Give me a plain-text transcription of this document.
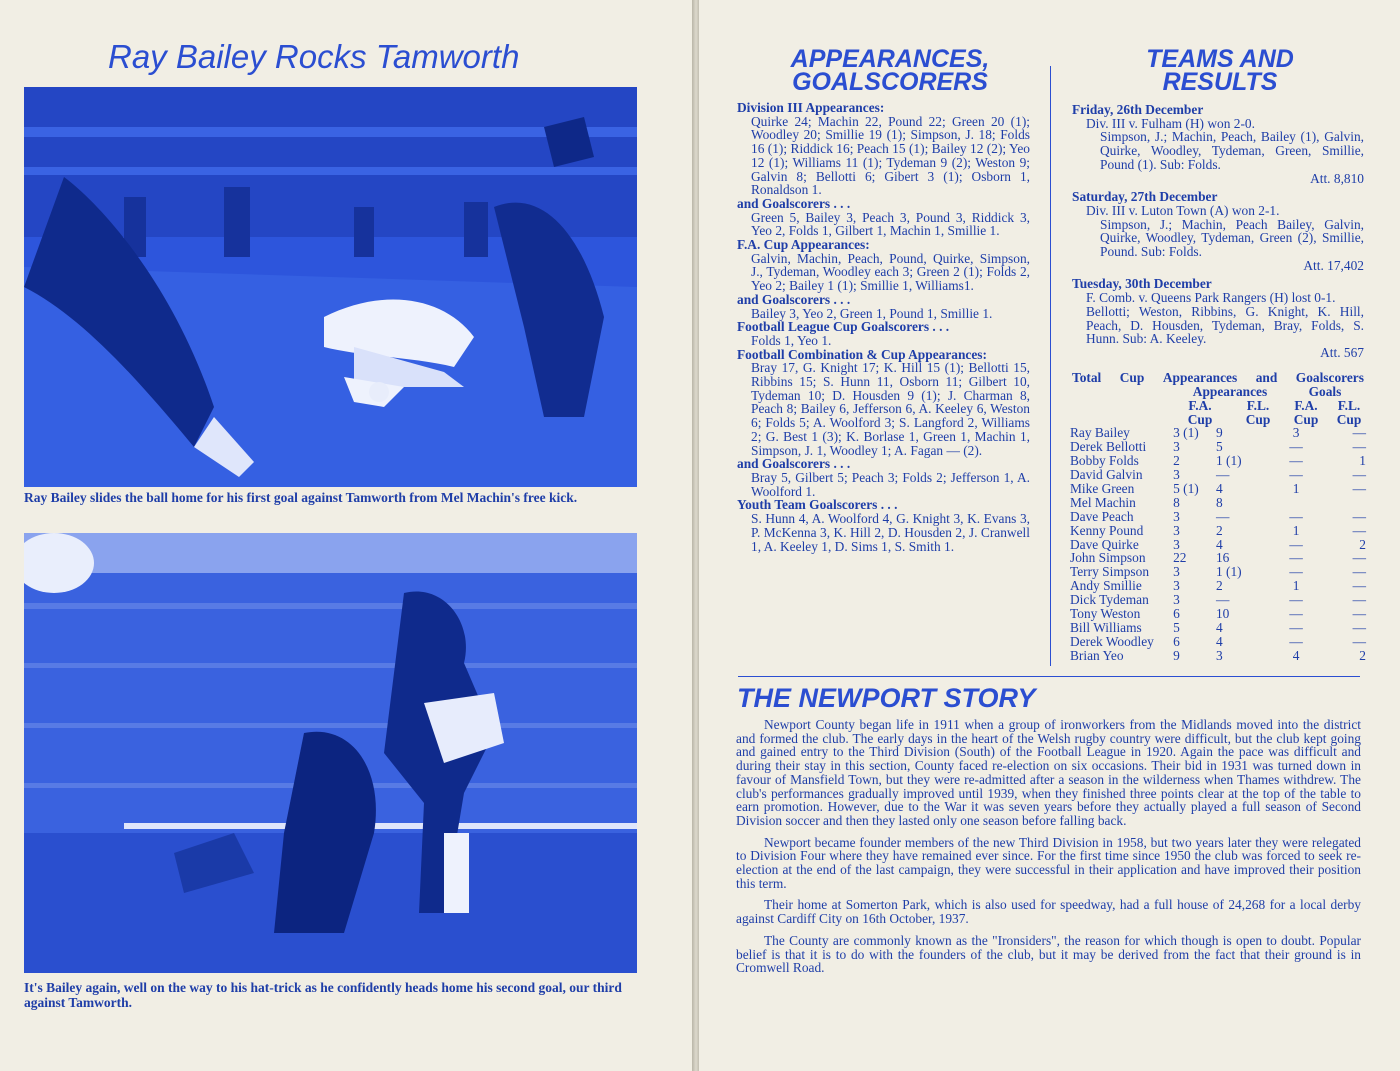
Ray Bailey Rocks Tamworth
Ray Bailey slides the ball home for his first goal against Tamworth from Mel Machin's free kick.
It's Bailey again, well on the way to his hat-trick as he confidently heads home his second goal, our third against Tamworth.
APPEARANCES,
GOALSCORERS
Division III Appearances:
Quirke 24; Machin 22, Pound 22; Green 20 (1); Woodley 20; Smillie 19 (1); Simpson, J. 18; Folds 16 (1); Riddick 16; Peach 15 (1); Bailey 12 (2); Yeo 12 (1); Williams 11 (1); Tydeman 9 (2); Weston 9; Galvin 8; Bellotti 6; Gibert 3 (1); Osborn 1, Ronaldson 1.
and Goalscorers . . .
Green 5, Bailey 3, Peach 3, Pound 3, Riddick 3, Yeo 2, Folds 1, Gilbert 1, Machin 1, Smillie 1.
F.A. Cup Appearances:
Galvin, Machin, Peach, Pound, Quirke, Simpson, J., Tydeman, Woodley each 3; Green 2 (1); Folds 2, Yeo 2; Bailey 1 (1); Smillie 1, Williams1.
and Goalscorers . . .
Bailey 3, Yeo 2, Green 1, Pound 1, Smillie 1.
Football League Cup Goalscorers . . .
Folds 1, Yeo 1.
Football Combination & Cup Appearances:
Bray 17, G. Knight 17; K. Hill 15 (1); Bellotti 15, Ribbins 15; S. Hunn 11, Osborn 11; Gilbert 10, Tydeman 10; D. Housden 9 (1); J. Charman 8, Peach 8; Bailey 6, Jefferson 6, A. Keeley 6, Weston 6; Folds 5; A. Woolford 3; S. Langford 2, Williams 2; G. Best 1 (3); K. Borlase 1, Green 1, Machin 1, Simpson, J. 1, Woodley 1; A. Fagan — (2).
and Goalscorers . . .
Bray 5, Gilbert 5; Peach 3; Folds 2; Jefferson 1, A. Woolford 1.
Youth Team Goalscorers . . .
S. Hunn 4, A. Woolford 4, G. Knight 3, K. Evans 3, P. McKenna 3, K. Hill 2, D. Housden 2, J. Cranwell 1, A. Keeley 1, D. Sims 1, S. Smith 1.
TEAMS AND
RESULTS
Friday, 26th December
Div. III v. Fulham (H) won 2-0.
Simpson, J.; Machin, Peach, Bailey (1), Galvin, Quirke, Woodley, Tydeman, Green, Smillie, Pound (1). Sub: Folds.
Att. 8,810
Saturday, 27th December
Div. III v. Luton Town (A) won 2-1.
Simpson, J.; Machin, Peach Bailey, Galvin, Quirke, Woodley, Tydeman, Green (2), Smillie, Pound. Sub: Folds.
Att. 17,402
Tuesday, 30th December
F. Comb. v. Queens Park Rangers (H) lost 0-1.
Bellotti; Weston, Ribbins, G. Knight, K. Hill, Peach, D. Housden, Tydeman, Bray, Folds, S. Hunn. Sub: A. Keeley.
Att. 567
Total Cup Appearances and Goalscorers
Appearances	Goals
F.A.
Cup
F.L.
Cup
F.A.
Cup
F.L.
Cup
Ray Bailey	3 (1)	9	3	—
Derek Bellotti	3	5	—	—
Bobby Folds	2	1 (1)	—	1
David Galvin	3	—	—	—
Mike Green	5 (1)	4	1	—
Mel Machin	8	8		
Dave Peach	3	—	—	—
Kenny Pound	3	2	1	—
Dave Quirke	3	4	—	2
John Simpson	22	16	—	—
Terry Simpson	3	1 (1)	—	—
Andy Smillie	3	2	1	—
Dick Tydeman	3	—	—	—
Tony Weston	6	10	—	—
Bill Williams	5	4	—	—
Derek Woodley	6	4	—	—
Brian Yeo	9	3	4	2
THE NEWPORT STORY

Newport County began life in 1911 when a group of ironworkers from the Midlands moved into the district and formed the club. The early days in the heart of the Welsh rugby country were difficult, but the club kept going and gained entry to the Third Division (South) of the Football League in 1920. Again the pace was difficult and during their stay in this section, County faced re-election on six occasions. Their bid in 1931 was turned down in favour of Mansfield Town, but they were re-admitted after a season in the wilderness when Thames withdrew. The club's performances gradually improved until 1939, when they finished three points clear at the top of the table to earn promotion. However, due to the War it was seven years before they actually played a full season of Second Division soccer and then they lasted only one season before falling back.

Newport became founder members of the new Third Division in 1958, but two years later they were relegated to Division Four where they have remained ever since. For the first time since 1950 the club was forced to seek re-election at the end of the last campaign, they were successful in their application and have improved their position this term.

Their home at Somerton Park, which is also used for speedway, had a full house of 24,268 for a local derby against Cardiff City on 16th October, 1937.

The County are commonly known as the "Ironsiders", the reason for which though is open to doubt. Popular belief is that it is to do with the founders of the club, but it may be derived from the fact that their ground is in Cromwell Road.
